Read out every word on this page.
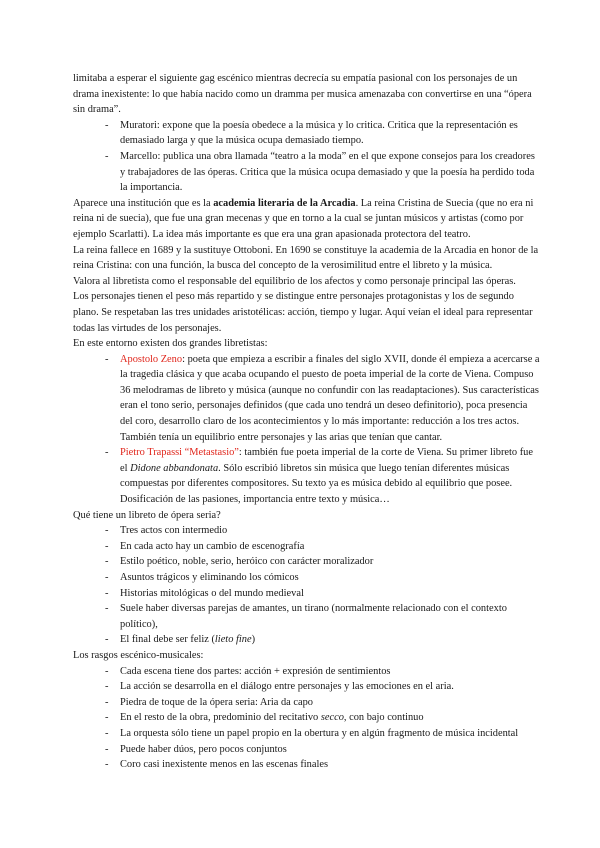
limitaba a esperar el siguiente gag escénico mientras decrecía su empatía pasional con los personajes de un drama inexistente: lo que había nacido como un dramma per musica amenazaba con convertirse en una “ópera sin drama”.

- Muratori: expone que la poesía obedece a la música y lo critica. Critica que la representación es demasiado larga y que la música ocupa demasiado tiempo.
- Marcello: publica una obra llamada “teatro a la moda” en el que expone consejos para los creadores y trabajadores de las óperas. Critica que la música ocupa demasiado y que la poesía ha perdido toda la importancia.

Aparece una institución que es la academia literaria de la Arcadia. La reina Cristina de Suecia (que no era ni reina ni de suecia), que fue una gran mecenas y que en torno a la cual se juntan músicos y artistas (como por ejemplo Scarlatti). La idea más importante es que era una gran apasionada protectora del teatro.

La reina fallece en 1689 y la sustituye Ottoboni. En 1690 se constituye la academia de la Arcadia en honor de la reina Cristina: con una función, la busca del concepto de la verosimilitud entre el libreto y la música.

Valora al libretista como el responsable del equilibrio de los afectos y como personaje principal las óperas.

Los personajes tienen el peso más repartido y se distingue entre personajes protagonistas y los de segundo plano. Se respetaban las tres unidades aristotélicas: acción, tiempo y lugar. Aquí veían el ideal para representar todas las virtudes de los personajes.

En este entorno existen dos grandes libretistas:

- Apostolo Zeno: poeta que empieza a escribir a finales del siglo XVII, donde él empieza a acercarse a la tragedia clásica y que acaba ocupando el puesto de poeta imperial de la corte de Viena. Compuso 36 melodramas de libreto y música (aunque no confundir con las readaptaciones). Sus características eran el tono serio, personajes definidos (que cada uno tendrá un deseo definitorio), poca presencia del coro, desarrollo claro de los acontecimientos y lo más importante: reducción a los tres actos. También tenía un equilibrio entre personajes y las arias que tenían que cantar.
- Pietro Trapassi “Metastasio”: también fue poeta imperial de la corte de Viena. Su primer libreto fue el Didone abbandonata. Sólo escribió libretos sin música que luego tenían diferentes músicas compuestas por diferentes compositores. Su texto ya es música debido al equilibrio que posee. Dosificación de las pasiones, importancia entre texto y música…

Qué tiene un libreto de ópera seria?

- Tres actos con intermedio
- En cada acto hay un cambio de escenografía
- Estilo poético, noble, serio, heróico con carácter moralizador
- Asuntos trágicos y eliminando los cómicos
- Historias mitológicas o del mundo medieval
- Suele haber diversas parejas de amantes, un tirano (normalmente relacionado con el contexto político),
- El final debe ser feliz (lieto fine)

Los rasgos escénico-musicales:

- Cada escena tiene dos partes: acción + expresión de sentimientos
- La acción se desarrolla en el diálogo entre personajes y las emociones en el aria.
- Piedra de toque de la ópera seria: Aria da capo
- En el resto de la obra, predominio del recitativo secco, con bajo continuo
- La orquesta sólo tiene un papel propio en la obertura y en algún fragmento de música incidental
- Puede haber dúos, pero pocos conjuntos
- Coro casi inexistente menos en las escenas finales
